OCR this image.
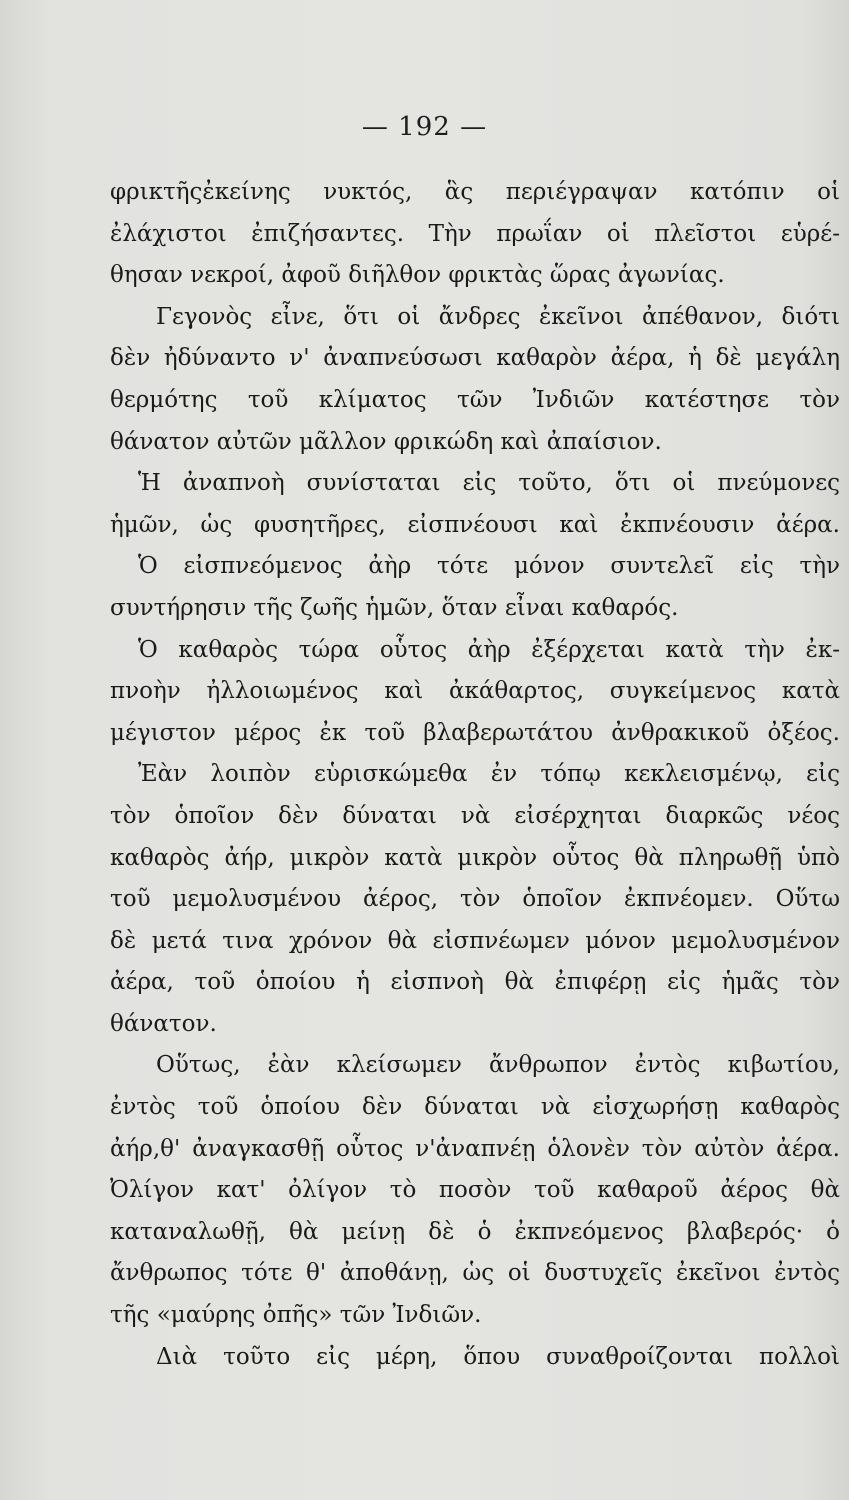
— 192 —
φρικτῆςἐκείνης νυκτός, ἃς περιέγραψαν κατόπιν οἱ
ἐλάχιστοι ἐπιζήσαντες. Τὴν πρωΐαν οἱ πλεῖστοι εὑρέ-
θησαν νεκροί, ἀφοῦ διῆλθον φρικτὰς ὥρας ἀγωνίας.
Γεγονὸς εἶνε, ὅτι οἱ ἄνδρες ἐκεῖνοι ἀπέθανον, διότι
δὲν ἠδύναντο ν' ἀναπνεύσωσι καθαρὸν ἀέρα, ἡ δὲ μεγάλη
θερμότης τοῦ κλίματος τῶν Ἰνδιῶν κατέστησε τὸν
θάνατον αὐτῶν μᾶλλον φρικώδη καὶ ἀπαίσιον.
Ἡ ἀναπνοὴ συνίσταται εἰς τοῦτο, ὅτι οἱ πνεύμονες
ἡμῶν, ὡς φυσητῆρες, εἰσπνέουσι καὶ ἐκπνέουσιν ἀέρα.
Ὁ εἰσπνεόμενος ἀὴρ τότε μόνον συντελεῖ εἰς τὴν
συντήρησιν τῆς ζωῆς ἡμῶν, ὅταν εἶναι καθαρός.
Ὁ καθαρὸς τώρα οὗτος ἀὴρ ἐξέρχεται κατὰ τὴν ἐκ-
πνοὴν ἠλλοιωμένος καὶ ἀκάθαρτος, συγκείμενος κατὰ
μέγιστον μέρος ἐκ τοῦ βλαβερωτάτου ἀνθρακικοῦ ὀξέος.
Ἐὰν λοιπὸν εὑρισκώμεθα ἐν τόπῳ κεκλεισμένῳ, εἰς
τὸν ὁποῖον δὲν δύναται νὰ εἰσέρχηται διαρκῶς νέος
καθαρὸς ἀήρ, μικρὸν κατὰ μικρὸν οὗτος θὰ πληρωθῇ ὑπὸ
τοῦ μεμολυσμένου ἀέρος, τὸν ὁποῖον ἐκπνέομεν. Οὕτω
δὲ μετά τινα χρόνον θὰ εἰσπνέωμεν μόνον μεμολυσμένον
ἀέρα, τοῦ ὁποίου ἡ εἰσπνοὴ θὰ ἐπιφέρῃ εἰς ἡμᾶς τὸν
θάνατον.
Οὕτως, ἐὰν κλείσωμεν ἄνθρωπον ἐντὸς κιβωτίου,
ἐντὸς τοῦ ὁποίου δὲν δύναται νὰ εἰσχωρήσῃ καθαρὸς
ἀήρ,θ' ἀναγκασθῇ οὗτος ν'ἀναπνέῃ ὁλονὲν τὸν αὐτὸν ἀέρα.
Ὀλίγον κατ' ὀλίγον τὸ ποσὸν τοῦ καθαροῦ ἀέρος θὰ
καταναλωθῇ, θὰ μείνῃ δὲ ὁ ἐκπνεόμενος βλαβερός· ὁ
ἄνθρωπος τότε θ' ἀποθάνῃ, ὡς οἱ δυστυχεῖς ἐκεῖνοι ἐντὸς
τῆς «μαύρης ὀπῆς» τῶν Ἰνδιῶν.
Διὰ τοῦτο εἰς μέρη, ὅπου συναθροίζονται πολλοὶ
